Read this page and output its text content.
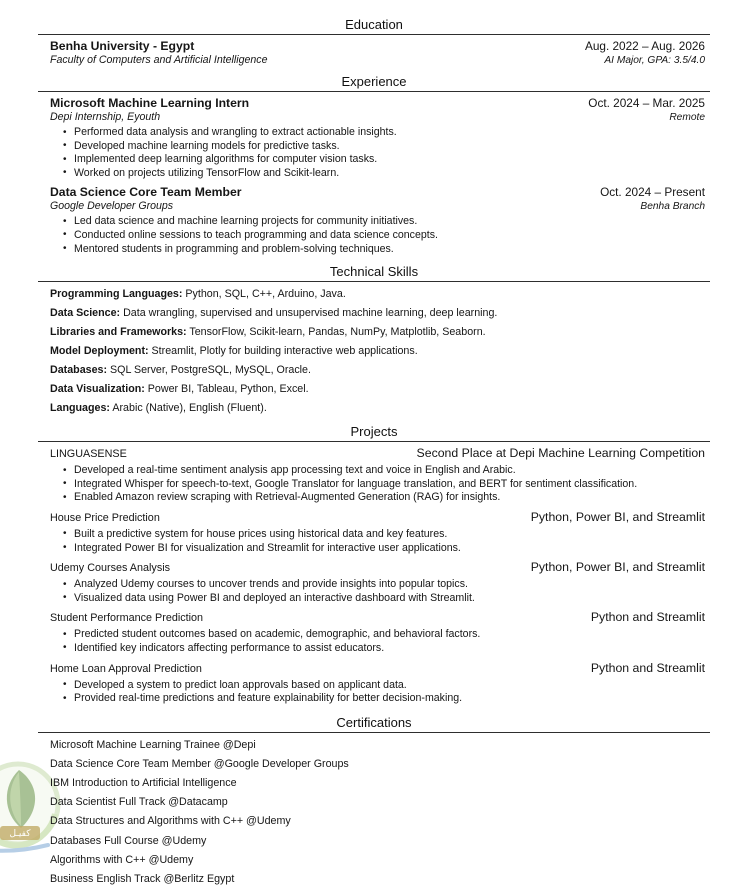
Education
Benha University - Egypt	Aug. 2022 – Aug. 2026
Faculty of Computers and Artificial Intelligence	AI Major, GPA: 3.5/4.0
Experience
Microsoft Machine Learning Intern	Oct. 2024 – Mar. 2025
Depi Internship, Eyouth	Remote
• Performed data analysis and wrangling to extract actionable insights.
• Developed machine learning models for predictive tasks.
• Implemented deep learning algorithms for computer vision tasks.
• Worked on projects utilizing TensorFlow and Scikit-learn.
Data Science Core Team Member	Oct. 2024 – Present
Google Developer Groups	Benha Branch
• Led data science and machine learning projects for community initiatives.
• Conducted online sessions to teach programming and data science concepts.
• Mentored students in programming and problem-solving techniques.
Technical Skills
Programming Languages: Python, SQL, C++, Arduino, Java.
Data Science: Data wrangling, supervised and unsupervised machine learning, deep learning.
Libraries and Frameworks: TensorFlow, Scikit-learn, Pandas, NumPy, Matplotlib, Seaborn.
Model Deployment: Streamlit, Plotly for building interactive web applications.
Databases: SQL Server, PostgreSQL, MySQL, Oracle.
Data Visualization: Power BI, Tableau, Python, Excel.
Languages: Arabic (Native), English (Fluent).
Projects
LINGUASENSE	Second Place at Depi Machine Learning Competition
• Developed a real-time sentiment analysis app processing text and voice in English and Arabic.
• Integrated Whisper for speech-to-text, Google Translator for language translation, and BERT for sentiment classification.
• Enabled Amazon review scraping with Retrieval-Augmented Generation (RAG) for insights.
House Price Prediction	Python, Power BI, and Streamlit
• Built a predictive system for house prices using historical data and key features.
• Integrated Power BI for visualization and Streamlit for interactive user applications.
Udemy Courses Analysis	Python, Power BI, and Streamlit
• Analyzed Udemy courses to uncover trends and provide insights into popular topics.
• Visualized data using Power BI and deployed an interactive dashboard with Streamlit.
Student Performance Prediction	Python and Streamlit
• Predicted student outcomes based on academic, demographic, and behavioral factors.
• Identified key indicators affecting performance to assist educators.
Home Loan Approval Prediction	Python and Streamlit
• Developed a system to predict loan approvals based on applicant data.
• Provided real-time predictions and feature explainability for better decision-making.
Certifications
Microsoft Machine Learning Trainee @Depi
Data Science Core Team Member @Google Developer Groups
IBM Introduction to Artificial Intelligence
Data Scientist Full Track @Datacamp
Data Structures and Algorithms with C++ @Udemy
Databases Full Course @Udemy
Algorithms with C++ @Udemy
Business English Track @Berlitz Egypt
كفيـل
